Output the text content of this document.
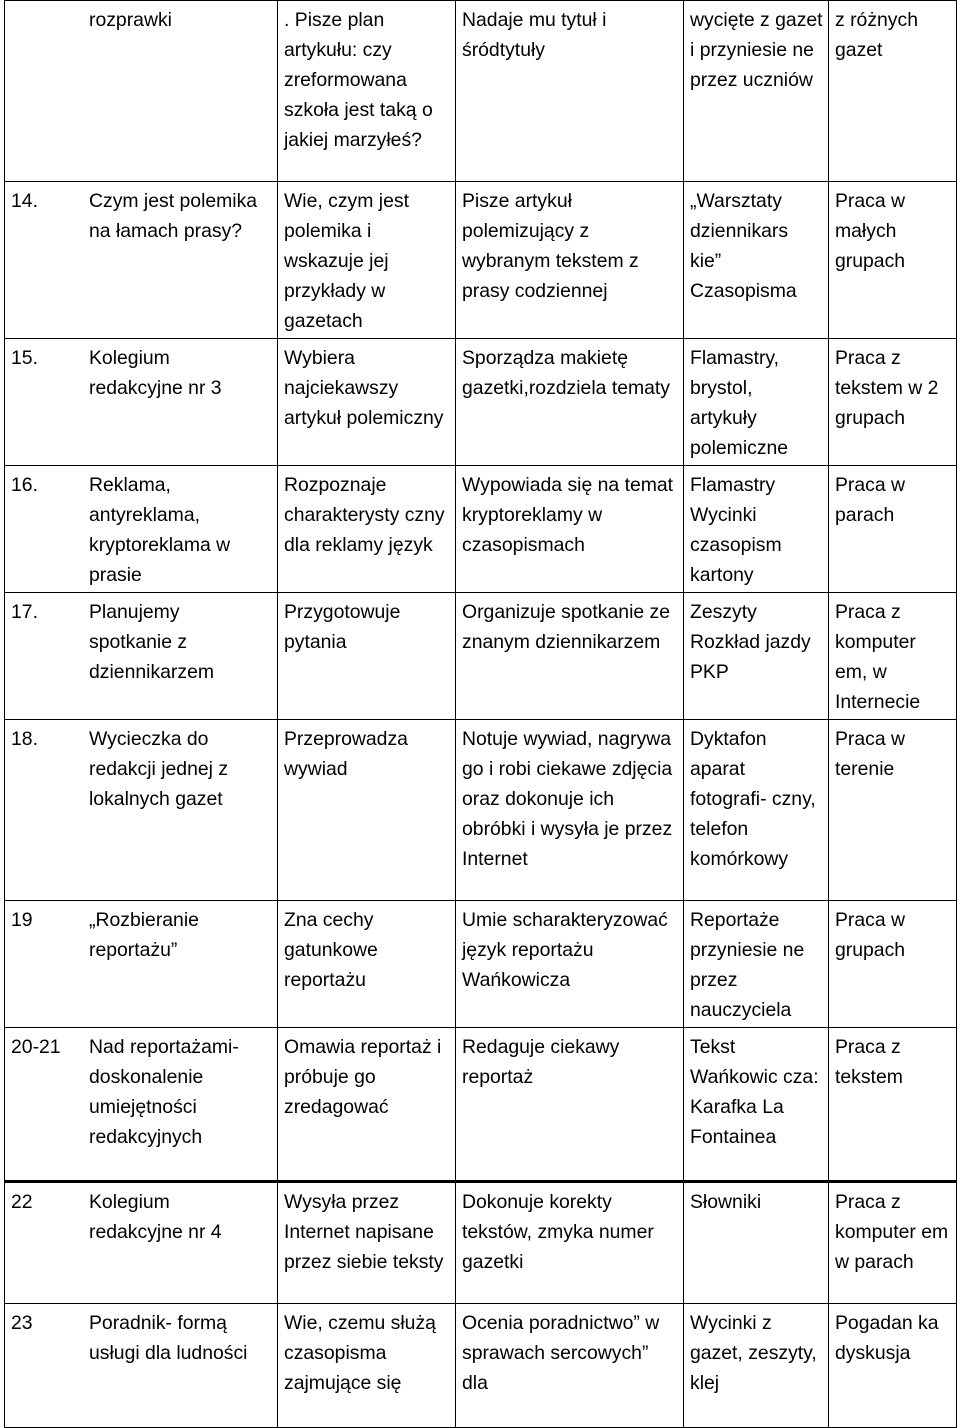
rozprawki	. Pisze plan artykułu: czy zreformowana szkoła jest taką o jakiej marzyłeś?	Nadaje mu tytuł i śródtytuły	wycięte z gazet i przyniesie ne przez uczniów	z różnych gazet
14. Czym jest polemika na łamach prasy?	Wie, czym jest polemika i wskazuje jej przykłady w gazetach	Pisze artykuł polemizujący z wybranym tekstem z prasy codziennej	„Warsztaty dziennikars kie” Czasopisma	Praca w małych grupach
15. Kolegium redakcyjne nr 3	Wybiera najciekawszy artykuł polemiczny	Sporządza makietę gazetki,rozdziela tematy	Flamastry, brystol, artykuły polemiczne	Praca z tekstem w 2 grupach
16. Reklama, antyreklama, kryptoreklama w prasie	Rozpoznaje charakterysty czny dla reklamy język	Wypowiada się na temat kryptoreklamy w czasopismach	Flamastry Wycinki czasopism kartony	Praca w parach
17. Planujemy spotkanie z dziennikarzem	Przygotowuje pytania	Organizuje spotkanie ze znanym dziennikarzem	Zeszyty Rozkład jazdy PKP	Praca z komputer em, w Internecie
18. Wycieczka do redakcji jednej z lokalnych gazet	Przeprowadza wywiad	Notuje wywiad, nagrywa go i robi ciekawe zdjęcia oraz dokonuje ich obróbki i wysyła je przez Internet	Dyktafon aparat fotografi- czny, telefon komórkowy	Praca w terenie
19 „Rozbieranie reportażu”	Zna cechy gatunkowe reportażu	Umie scharakteryzować język reportażu Wańkowicza	Reportaże przyniesie ne przez nauczyciela	Praca w grupach
20-21 Nad reportażami- doskonalenie umiejętności redakcyjnych	Omawia reportaż i próbuje go zredagować	Redaguje ciekawy reportaż	Tekst Wańkowic cza: Karafka La Fontainea	Praca z tekstem
22 Kolegium redakcyjne nr 4	Wysyła przez Internet napisane przez siebie teksty	Dokonuje korekty tekstów, zmyka numer gazetki	Słowniki	Praca z komputer em w parach
23 Poradnik- formą usługi dla ludności	Wie, czemu służą czasopisma zajmujące się	Ocenia poradnictwo” w sprawach sercowych” dla	Wycinki z gazet, zeszyty, klej	Pogadan ka dyskusja
